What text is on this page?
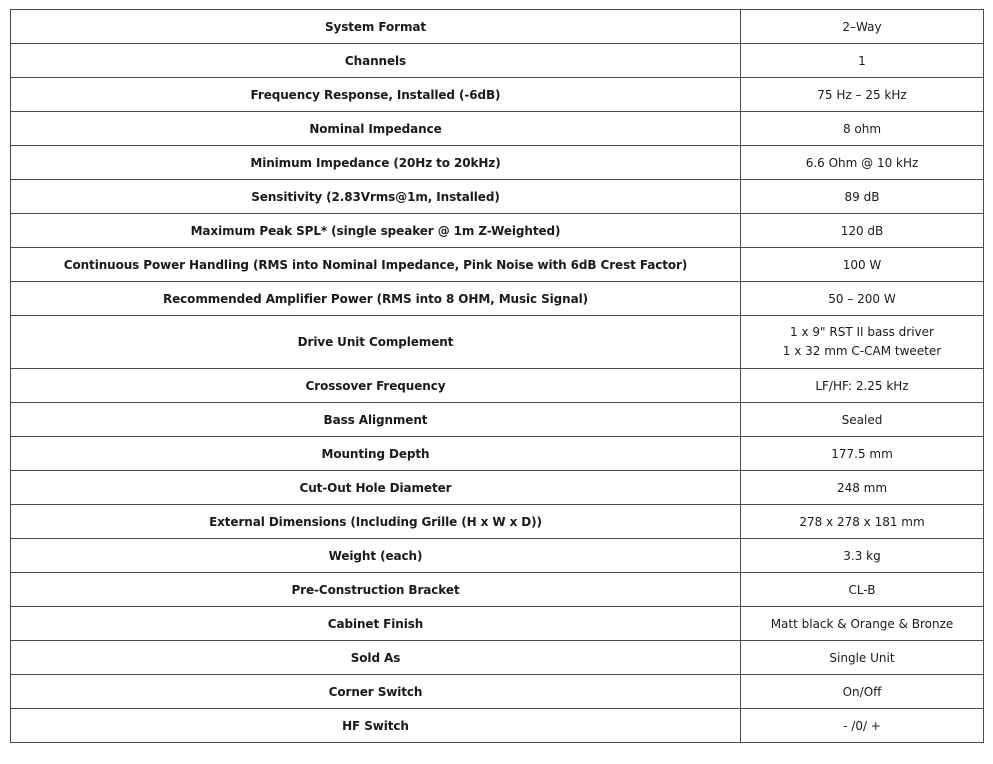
System Format	2–Way
Channels	1
Frequency Response, Installed (-6dB)	75 Hz – 25 kHz
Nominal Impedance	8 ohm
Minimum Impedance (20Hz to 20kHz)	6.6 Ohm @ 10 kHz
Sensitivity (2.83Vrms@1m, Installed)	89 dB
Maximum Peak SPL* (single speaker @ 1m Z-Weighted)	120 dB
Continuous Power Handling (RMS into Nominal Impedance, Pink Noise with 6dB Crest Factor)	100 W
Recommended Amplifier Power (RMS into 8 OHM, Music Signal)	50 – 200 W
Drive Unit Complement	1 x 9" RST II bass driver
1 x 32 mm C-CAM tweeter

Crossover Frequency	LF/HF: 2.25 kHz
Bass Alignment	Sealed
Mounting Depth	177.5 mm
Cut-Out Hole Diameter	248 mm
External Dimensions (Including Grille (H x W x D))	278 x 278 x 181 mm
Weight (each)	3.3 kg
Pre-Construction Bracket	CL-B
Cabinet Finish	Matt black & Orange & Bronze
Sold As	Single Unit
Corner Switch	On/Off
HF Switch	- /0/ +
